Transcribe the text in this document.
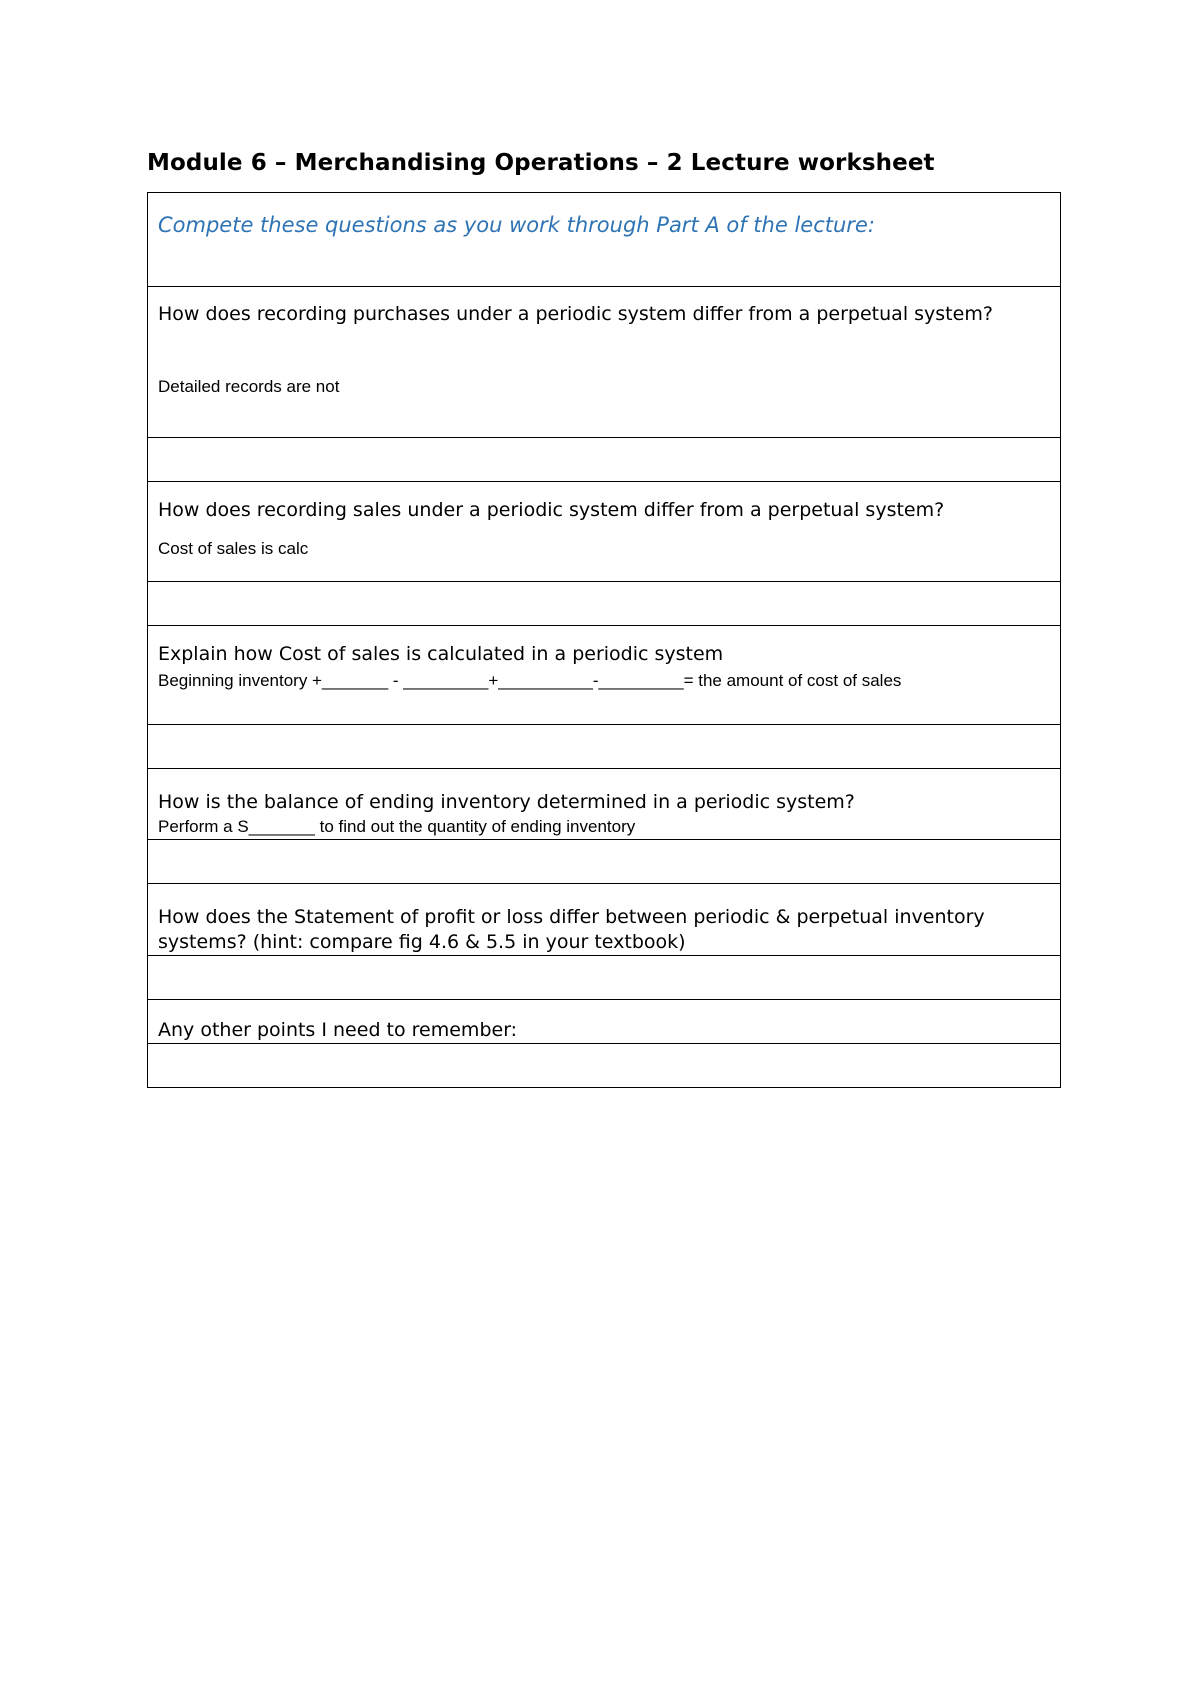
Module 6 – Merchandising Operations – 2 Lecture worksheet
Compete these questions as you work through Part A of the lecture:

How does recording purchases under a periodic system differ from a perpetual system?
Detailed records are not

How does recording sales under a periodic system differ from a perpetual system?
Cost of sales is calc

Explain how Cost of sales is calculated in a periodic system
Beginning inventory +_______ - _________+__________-_________= the amount of cost of sales

How is the balance of ending inventory determined in a periodic system?
Perform a S_______ to find out the quantity of ending inventory

How does the Statement of profit or loss differ between periodic & perpetual inventory systems? (hint: compare fig 4.6 & 5.5 in your textbook)

Any other points I need to remember:
